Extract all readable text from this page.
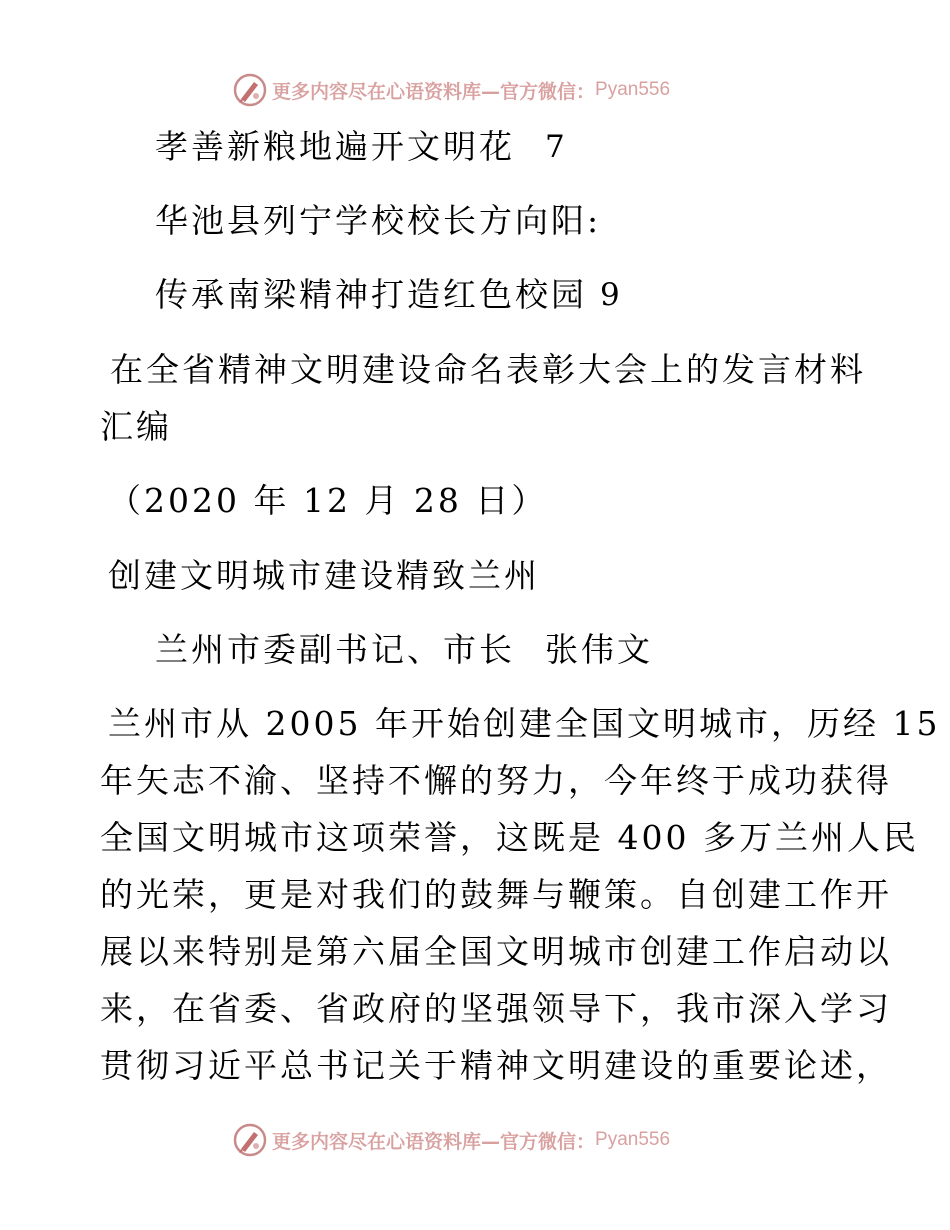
更多内容尽在心语资料库—官方微信： Pyan556
孝善新粮地遍开文明花 7
华池县列宁学校校长方向阳:
传承南梁精神打造红色校园 9
在全省精神文明建设命名表彰大会上的发言材料
汇编
（2020 年 12 月 28 日）
创建文明城市建设精致兰州
兰州市委副书记、市长 张伟文
兰州市从 2005 年开始创建全国文明城市，历经 15
年矢志不渝、坚持不懈的努力，今年终于成功获得
全国文明城市这项荣誉，这既是 400 多万兰州人民
的光荣，更是对我们的鼓舞与鞭策。自创建工作开
展以来特别是第六届全国文明城市创建工作启动以
来，在省委、省政府的坚强领导下，我市深入学习
贯彻习近平总书记关于精神文明建设的重要论述，
更多内容尽在心语资料库—官方微信： Pyan556
